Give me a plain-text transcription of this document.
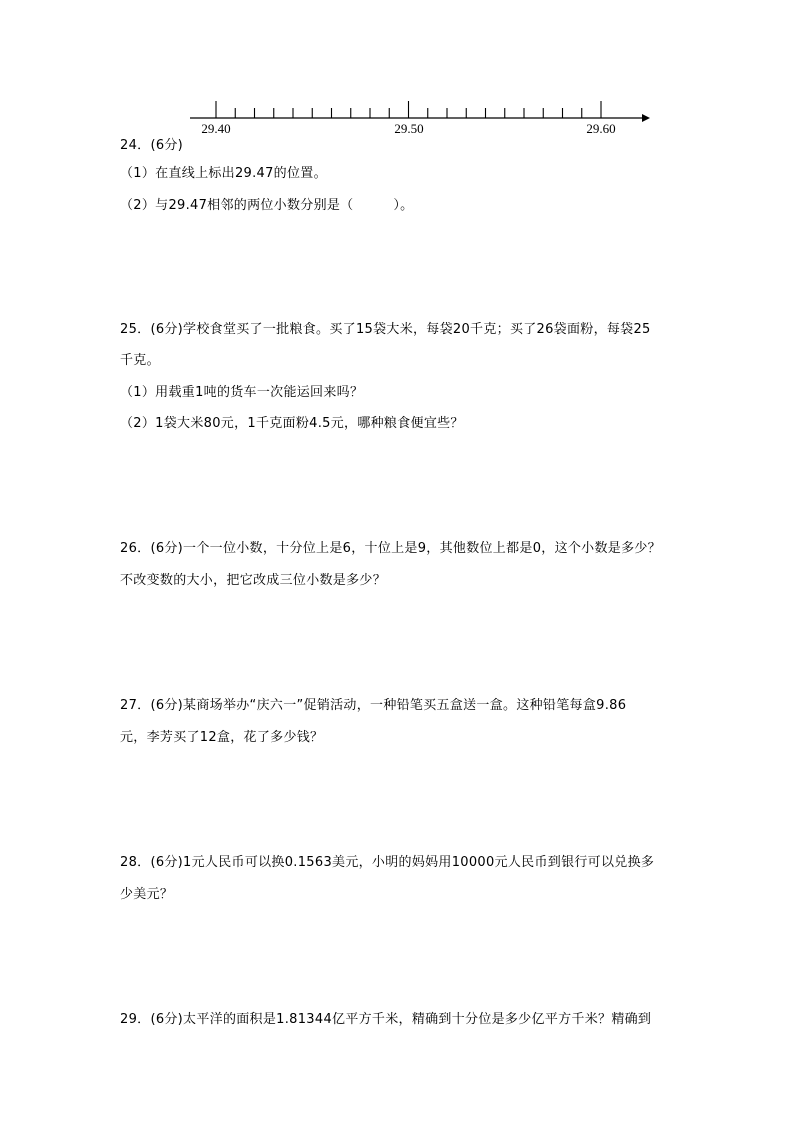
29.40	29.50	29.60
24．(6分)
（1）在直线上标出29.47的位置。
（2）与29.47相邻的两位小数分别是（　　　）。
25．(6分)学校食堂买了一批粮食。买了15袋大米，每袋20千克；买了26袋面粉，每袋25
千克。
（1）用载重1吨的货车一次能运回来吗？
（2）1袋大米80元，1千克面粉4.5元，哪种粮食便宜些？
26．(6分)一个一位小数，十分位上是6，十位上是9，其他数位上都是0，这个小数是多少？
不改变数的大小，把它改成三位小数是多少？
27．(6分)某商场举办“庆六一”促销活动，一种铅笔买五盒送一盒。这种铅笔每盒9.86
元，李芳买了12盒，花了多少钱？
28．(6分)1元人民币可以换0.1563美元，小明的妈妈用10000元人民币到银行可以兑换多
少美元？
29．(6分)太平洋的面积是1.81344亿平方千米，精确到十分位是多少亿平方千米？精确到
